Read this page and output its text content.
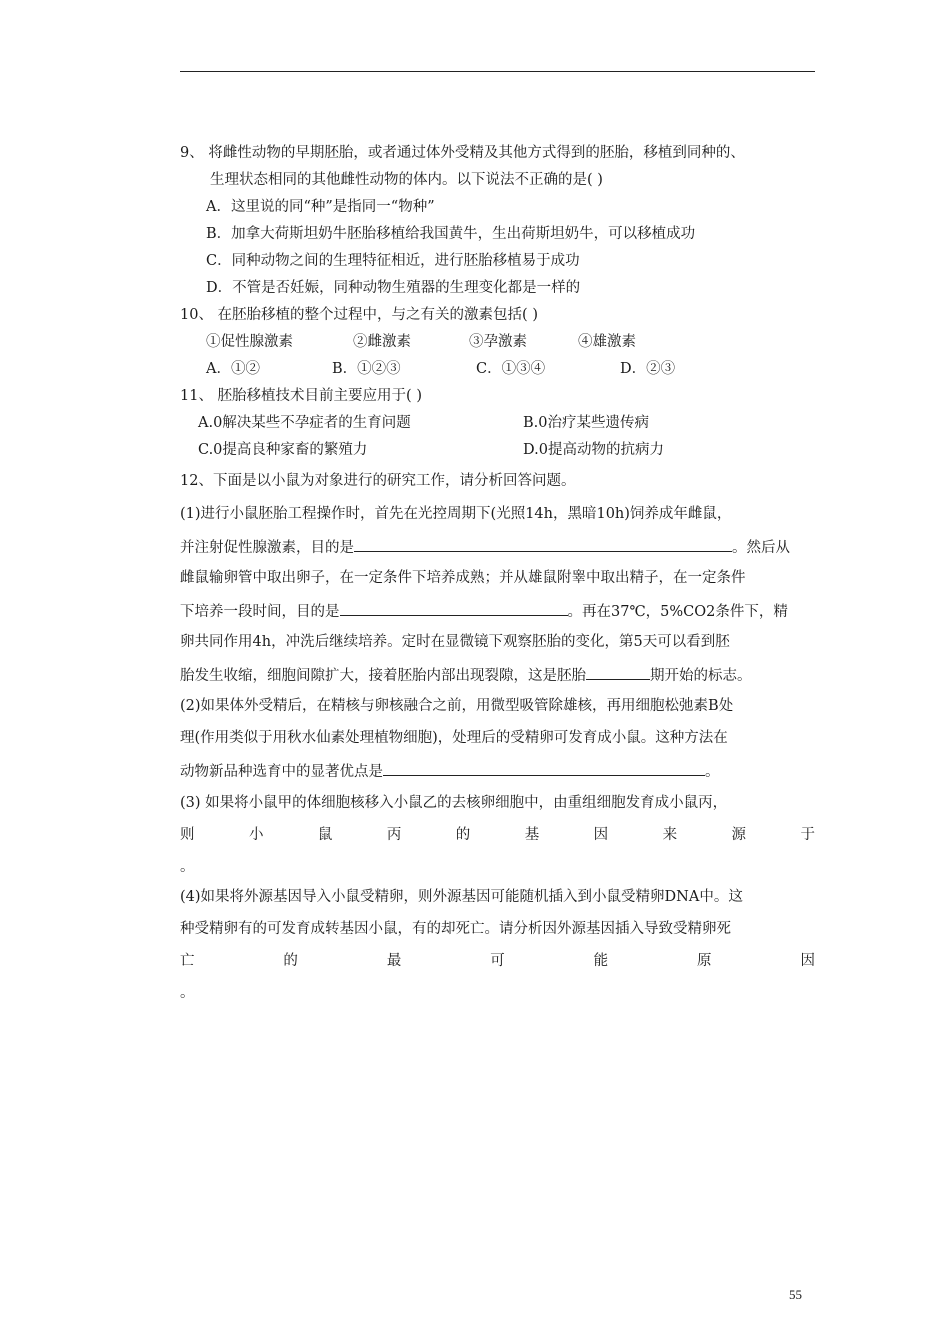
9、 将雌性动物的早期胚胎，或者通过体外受精及其他方式得到的胚胎，移植到同种的、
生理状态相同的其他雌性动物的体内。以下说法不正确的是( )
A．这里说的同“种”是指同一“物种”
B．加拿大荷斯坦奶牛胚胎移植给我国黄牛，生出荷斯坦奶牛，可以移植成功
C．同种动物之间的生理特征相近，进行胚胎移植易于成功
D．不管是否妊娠，同种动物生殖器的生理变化都是一样的
10、 在胚胎移植的整个过程中，与之有关的激素包括( )
①促性腺激素	②雌激素	③孕激素	④雄激素
A．①②	B．①②③	C．①③④	D．②③
11、 胚胎移植技术目前主要应用于( )
A.0解决某些不孕症者的生育问题	B.0治疗某些遗传病
C.0提高良种家畜的繁殖力	D.0提高动物的抗病力
12、下面是以小鼠为对象进行的研究工作，请分析回答问题。
(1)进行小鼠胚胎工程操作时，首先在光控周期下(光照14h，黑暗10h)饲养成年雌鼠，
并注射促性腺激素，目的是	。然后从
雌鼠输卵管中取出卵子，在一定条件下培养成熟；并从雄鼠附睾中取出精子，在一定条件
下培养一段时间，目的是	。再在37℃，5%CO2条件下，精
卵共同作用4h，冲洗后继续培养。定时在显微镜下观察胚胎的变化，第5天可以看到胚
胎发生收缩，细胞间隙扩大，接着胚胎内部出现裂隙，这是胚胎	期开始的标志。
(2)如果体外受精后，在精核与卵核融合之前，用微型吸管除雄核，再用细胞松弛素B处
理(作用类似于用秋水仙素处理植物细胞)，处理后的受精卵可发育成小鼠。这种方法在
动物新品种选育中的显著优点是	。
(3) 如果将小鼠甲的体细胞核移入小鼠乙的去核卵细胞中，由重组细胞发育成小鼠丙，
则	小	鼠	丙	的	基	因	来	源	于
。
(4)如果将外源基因导入小鼠受精卵，则外源基因可能随机插入到小鼠受精卵DNA中。这
种受精卵有的可发育成转基因小鼠，有的却死亡。请分析因外源基因插入导致受精卵死
亡	的	最	可	能	原	因
。
55
